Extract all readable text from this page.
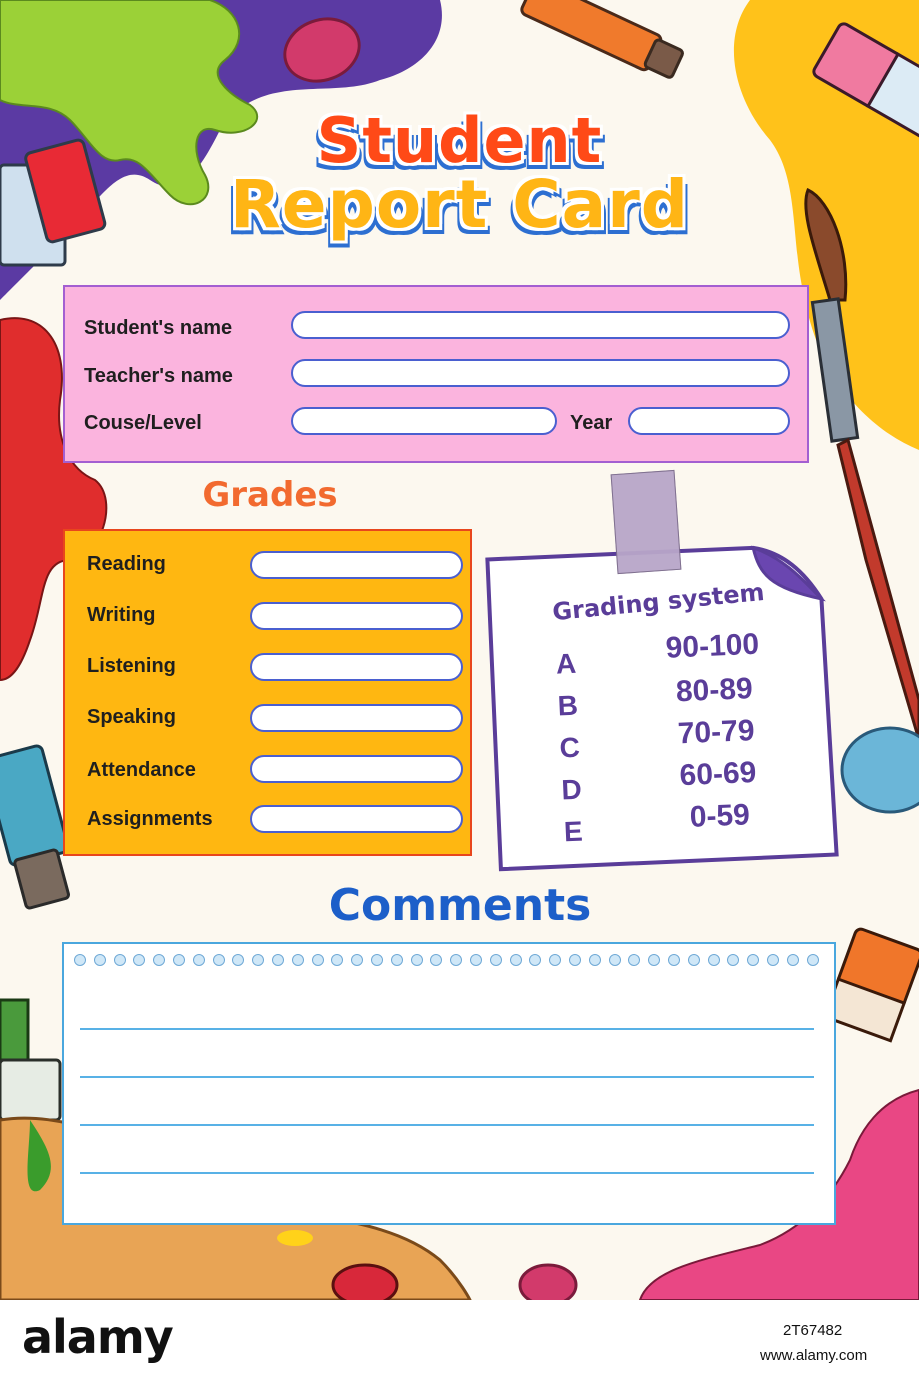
Student
Report Card
Student's name
Teacher's name
Couse/Level	Year
Grades
Reading
Writing
Listening
Speaking
Attendance
Assignments
Grading system
A	90-100
B	80-89
C	70-79
D	60-69
E	0-59
Comments
alamy	2T67482
www.alamy.com
